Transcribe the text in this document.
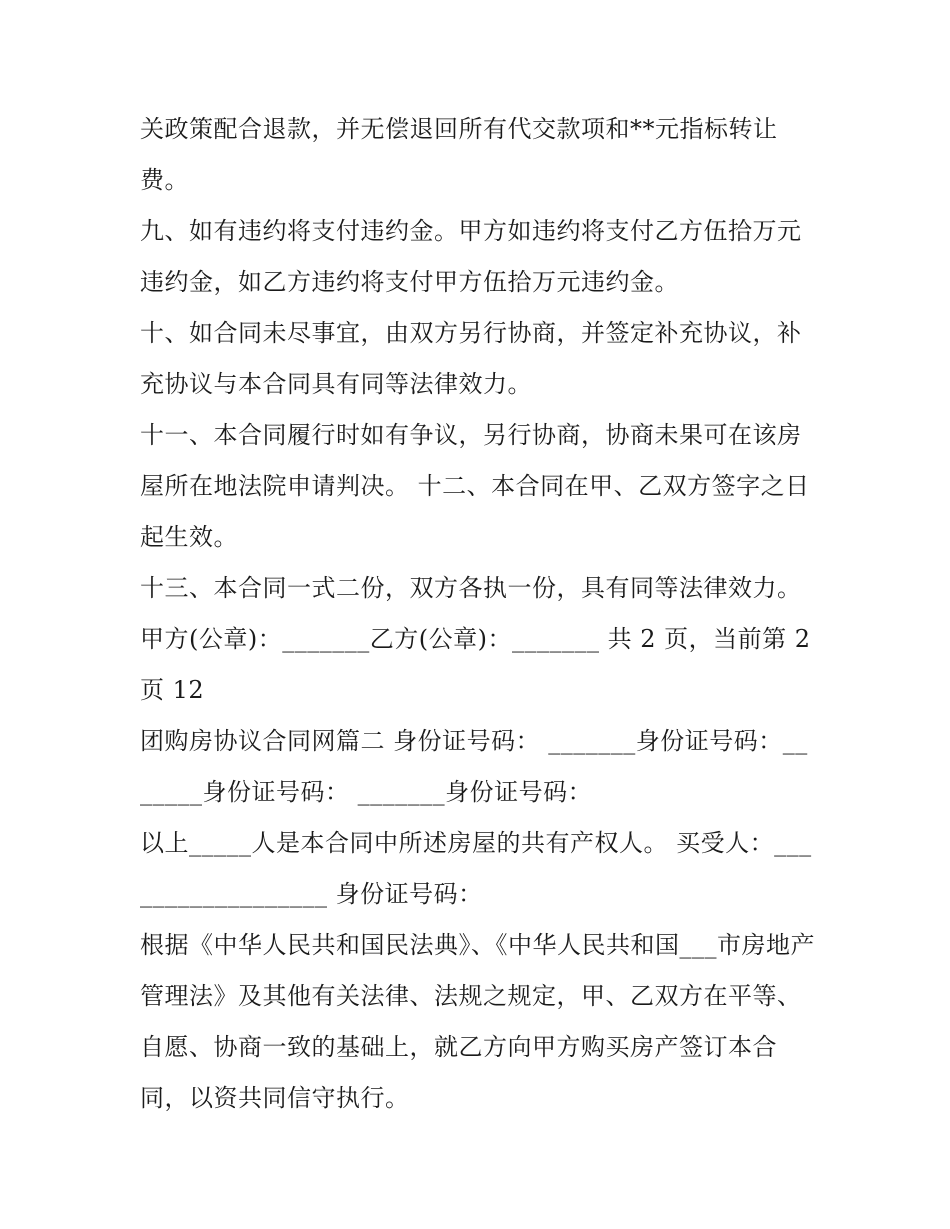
关政策配合退款，并无偿退回所有代交款项和**元指标转让费。

九、如有违约将支付违约金。甲方如违约将支付乙方伍拾万元违约金，如乙方违约将支付甲方伍拾万元违约金。

十、如合同未尽事宜，由双方另行协商，并签定补充协议，补充协议与本合同具有同等法律效力。

十一、本合同履行时如有争议，另行协商，协商未果可在该房屋所在地法院申请判决。 十二、本合同在甲、乙双方签字之日起生效。

十三、本合同一式二份，双方各执一份，具有同等法律效力。

甲方(公章)：_______乙方(公章)：_______ 共 2 页，当前第 2 页 12

团购房协议合同网篇二 身份证号码： _______身份证号码：_______身份证号码： _______身份证号码：

以上_____人是本合同中所述房屋的共有产权人。 买受人：__________________ 身份证号码：

根据《中华人民共和国民法典》、《中华人民共和国___市房地产管理法》及其他有关法律、法规之规定，甲、乙双方在平等、自愿、协商一致的基础上，就乙方向甲方购买房产签订本合同，以资共同信守执行。
